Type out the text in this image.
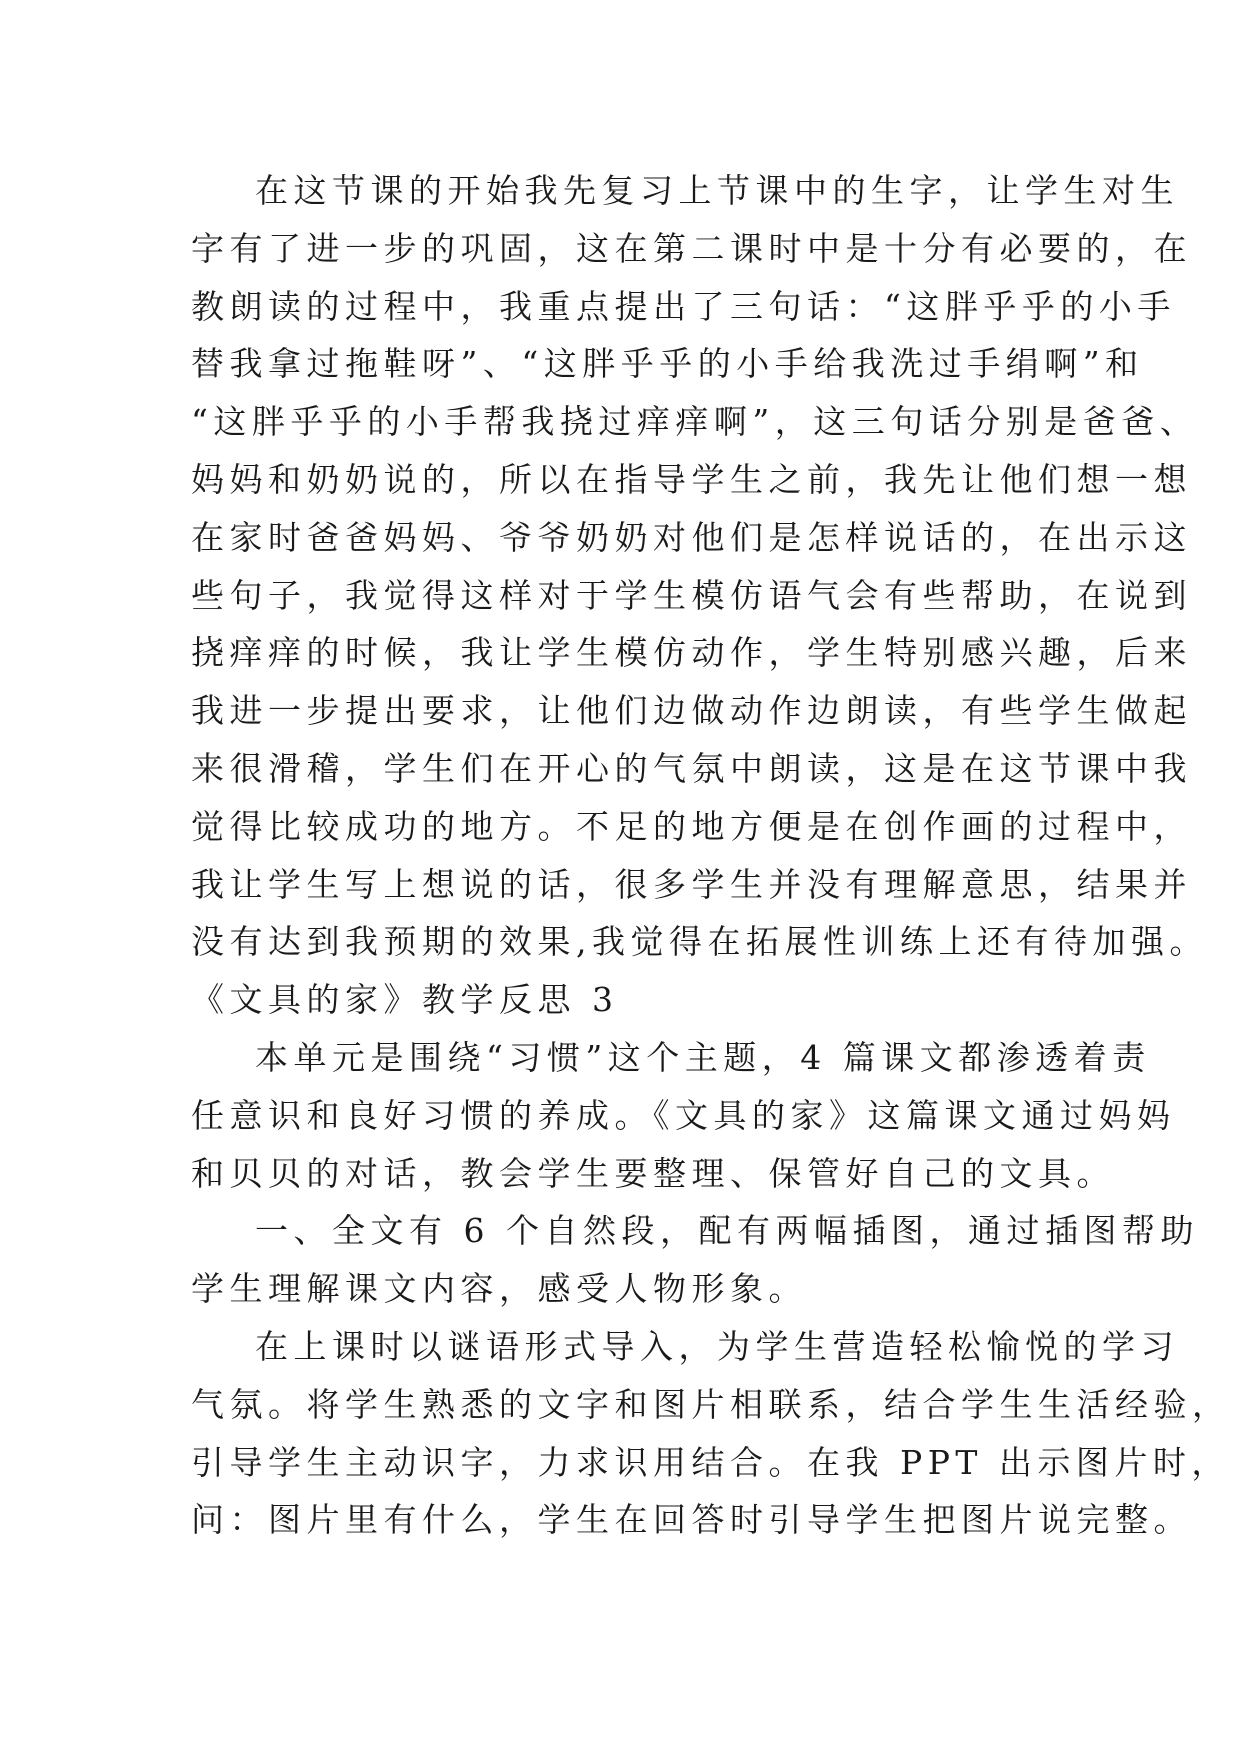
在这节课的开始我先复习上节课中的生字，让学生对生
字有了进一步的巩固，这在第二课时中是十分有必要的，在
教朗读的过程中，我重点提出了三句话：“这胖乎乎的小手
替我拿过拖鞋呀”、“这胖乎乎的小手给我洗过手绢啊”和
“这胖乎乎的小手帮我挠过痒痒啊”，这三句话分别是爸爸、
妈妈和奶奶说的，所以在指导学生之前，我先让他们想一想
在家时爸爸妈妈、爷爷奶奶对他们是怎样说话的，在出示这
些句子，我觉得这样对于学生模仿语气会有些帮助，在说到
挠痒痒的时候，我让学生模仿动作，学生特别感兴趣，后来
我进一步提出要求，让他们边做动作边朗读，有些学生做起
来很滑稽，学生们在开心的气氛中朗读，这是在这节课中我
觉得比较成功的地方。不足的地方便是在创作画的过程中，
我让学生写上想说的话，很多学生并没有理解意思，结果并
没有达到我预期的效果,我觉得在拓展性训练上还有待加强。
《文具的家》教学反思 3
本单元是围绕“习惯”这个主题，4 篇课文都渗透着责
任意识和良好习惯的养成。《文具的家》这篇课文通过妈妈
和贝贝的对话，教会学生要整理、保管好自己的文具。
一、全文有 6 个自然段，配有两幅插图，通过插图帮助
学生理解课文内容，感受人物形象。
在上课时以谜语形式导入，为学生营造轻松愉悦的学习
气氛。将学生熟悉的文字和图片相联系，结合学生生活经验，
引导学生主动识字，力求识用结合。在我 PPT 出示图片时，
问：图片里有什么，学生在回答时引导学生把图片说完整。
